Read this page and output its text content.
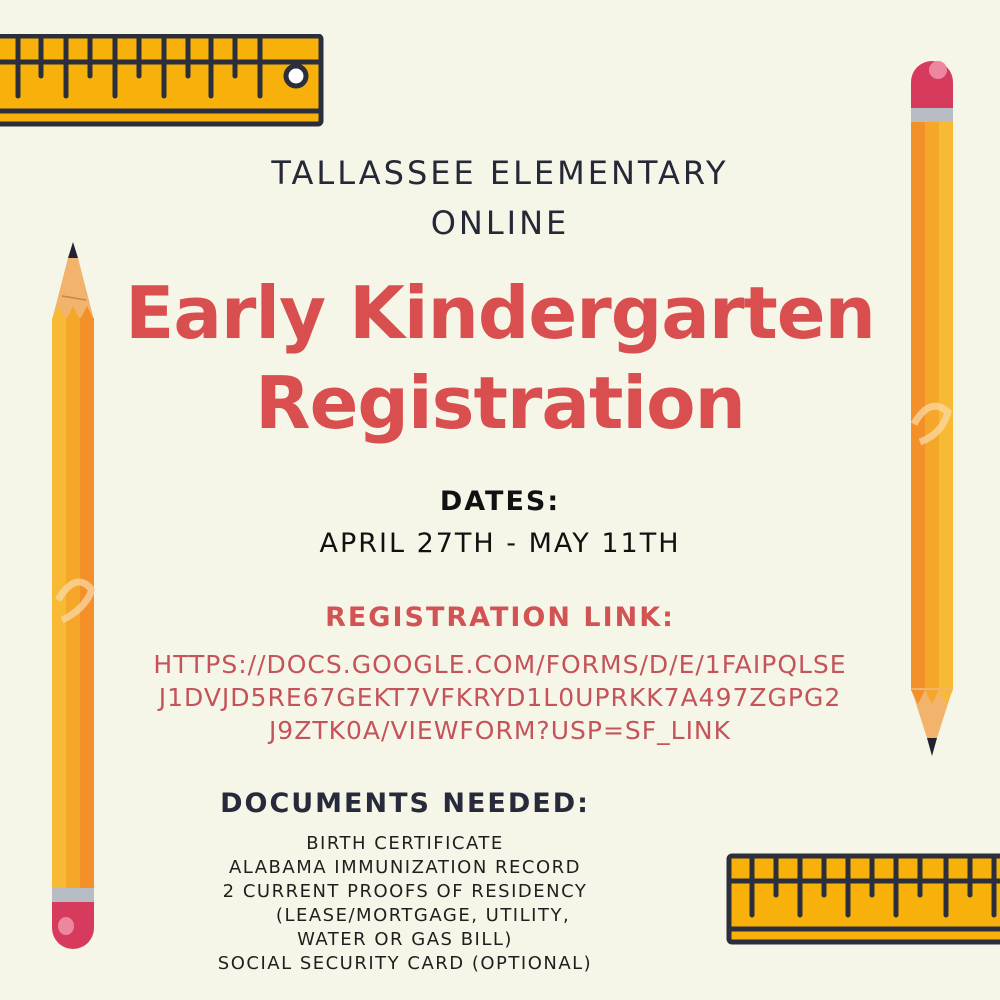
TALLASSEE ELEMENTARY
ONLINE
Early Kindergarten
Registration
DATES:
APRIL 27TH - MAY 11TH
REGISTRATION LINK:
HTTPS://DOCS.GOOGLE.COM/FORMS/D/E/1FAIPQLSE
J1DVJD5RE67GEKT7VFKRYD1L0UPRKK7A497ZGPG2
J9ZTK0A/VIEWFORM?USP=SF_LINK
DOCUMENTS NEEDED:
BIRTH CERTIFICATE
ALABAMA IMMUNIZATION RECORD
2 CURRENT PROOFS OF RESIDENCY
(LEASE/MORTGAGE, UTILITY,
WATER OR GAS BILL)
SOCIAL SECURITY CARD (OPTIONAL)
